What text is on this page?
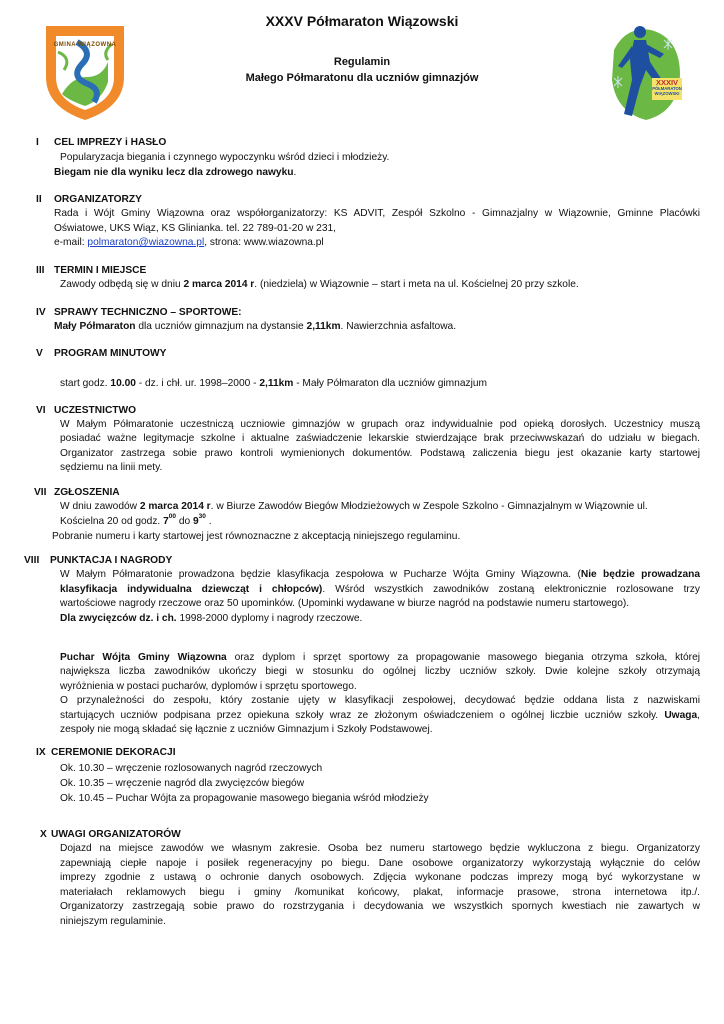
XXXV Półmaraton Wiązowski
Regulamin
Małego Półmaratonu dla uczniów gimnazjów
GMINA WIĄZOWNA
XXXIV
PÓŁMARATON
WIĄZOWSKI
I CEL IMPREZY i HASŁO
Popularyzacja biegania i czynnego wypoczynku wśród dzieci i młodzieży.
Biegam nie dla wyniku lecz dla zdrowego nawyku.
II ORGANIZATORZY
Rada i Wójt Gminy Wiązowna oraz współorganizatorzy: KS ADVIT, Zespół Szkolno - Gimnazjalny w Wiązownie, Gminne Placówki
Oświatowe, UKS Wiąz, KS Glinianka. tel. 22 789-01-20 w 231,
e-mail: polmaraton@wiazowna.pl, strona: www.wiazowna.pl
III TERMIN I MIEJSCE
Zawody odbędą się w dniu 2 marca 2014 r. (niedziela) w Wiązownie – start i meta na ul. Kościelnej 20 przy szkole.
IV SPRAWY TECHNICZNO – SPORTOWE:
Mały Półmaraton dla uczniów gimnazjum na dystansie 2,11km. Nawierzchnia asfaltowa.
V PROGRAM MINUTOWY
start godz. 10.00 - dz. i chł. ur. 1998–2000 - 2,11km - Mały Półmaraton dla uczniów gimnazjum
VI UCZESTNICTWO
W Małym Półmaratonie uczestniczą uczniowie gimnazjów w grupach oraz indywidualnie pod opieką dorosłych. Uczestnicy muszą
posiadać ważne legitymacje szkolne i aktualne zaświadczenie lekarskie stwierdzające brak przeciwwskazań do udziału w biegach.
Organizator zastrzega sobie prawo kontroli wymienionych dokumentów. Podstawą zaliczenia biegu jest okazanie karty startowej
sędziemu na linii mety.
VII ZGŁOSZENIA
W dniu zawodów 2 marca 2014 r. w Biurze Zawodów Biegów Młodzieżowych w Zespole Szkolno - Gimnazjalnym w Wiązownie ul.
Kościelna 20 od godz. $7^{00}$ do $9^{30}$ .
Pobranie numeru i karty startowej jest równoznaczne z akceptacją niniejszego regulaminu.
VIII PUNKTACJA I NAGRODY
W Małym Półmaratonie prowadzona będzie klasyfikacja zespołowa w Pucharze Wójta Gminy Wiązowna. (Nie będzie prowadzana
klasyfikacja indywidualna dziewcząt i chłopców). Wśród wszystkich zawodników zostaną elektronicznie rozlosowane trzy
wartościowe nagrody rzeczowe oraz 50 upominków. (Upominki wydawane w biurze nagród na podstawie numeru startowego).
Dla zwycięzców dz. i ch. 1998-2000 dyplomy i nagrody rzeczowe.
Puchar Wójta Gminy Wiązowna oraz dyplom i sprzęt sportowy za propagowanie masowego biegania otrzyma szkoła, której
największa liczba zawodników ukończy biegi w stosunku do ogólnej liczby uczniów szkoły. Dwie kolejne szkoły otrzymają
wyróżnienia w postaci pucharów, dyplomów i sprzętu sportowego.
O przynależności do zespołu, który zostanie ujęty w klasyfikacji zespołowej, decydować będzie oddana lista z nazwiskami
startujących uczniów podpisana przez opiekuna szkoły wraz ze złożonym oświadczeniem o ogólnej liczbie uczniów szkoły. Uwaga,
zespoły nie mogą składać się łącznie z uczniów Gimnazjum i Szkoły Podstawowej.
IX CEREMONIE DEKORACJI
Ok. 10.30 – wręczenie rozlosowanych nagród rzeczowych
Ok. 10.35 – wręczenie nagród dla zwycięzców biegów
Ok. 10.45 – Puchar Wójta za propagowanie masowego biegania wśród młodzieży
X UWAGI ORGANIZATORÓW
Dojazd na miejsce zawodów we własnym zakresie. Osoba bez numeru startowego będzie wykluczona z biegu. Organizatorzy
zapewniają ciepłe napoje i posiłek regeneracyjny po biegu. Dane osobowe organizatorzy wykorzystają wyłącznie do celów
imprezy zgodnie z ustawą o ochronie danych osobowych. Zdjęcia wykonane podczas imprezy mogą być wykorzystane w
materiałach reklamowych biegu i gminy /komunikat końcowy, plakat, informacje prasowe, strona internetowa itp./.
Organizatorzy zastrzegają sobie prawo do rozstrzygania i decydowania we wszystkich spornych kwestiach nie zawartych w
niniejszym regulaminie.
